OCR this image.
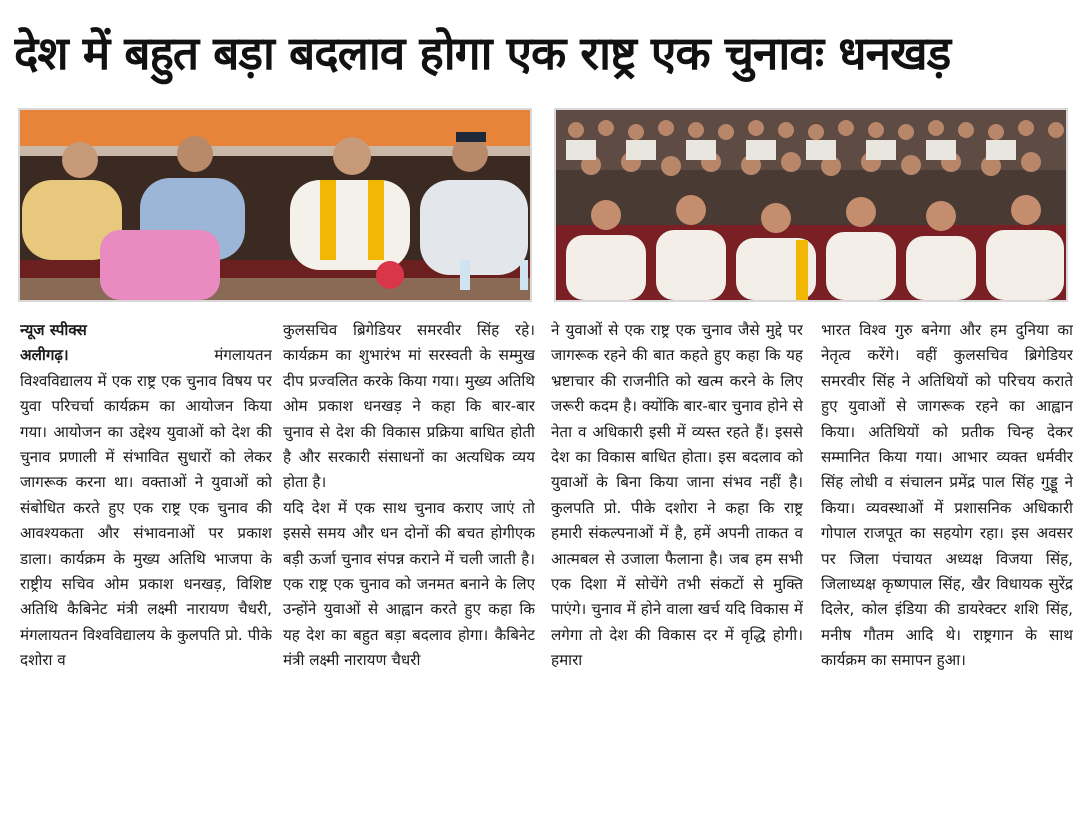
देश में बहुत बड़ा बदलाव होगा एक राष्ट्र एक चुनावः धनखड़
न्यूज स्पीक्स
अलीगढ़।	मंगलायतन

विश्वविद्यालय में एक राष्ट्र एक चुनाव विषय पर युवा परिचर्चा कार्यक्रम का आयोजन किया गया। आयोजन का उद्देश्य युवाओं को देश की चुनाव प्रणाली में संभावित सुधारों को लेकर जागरूक करना था। वक्ताओं ने युवाओं को संबोधित करते हुए एक राष्ट्र एक चुनाव की आवश्यकता और संभावनाओं पर प्रकाश डाला। कार्यक्रम के मुख्य अतिथि भाजपा के राष्ट्रीय सचिव ओम प्रकाश धनखड़, विशिष्ट अतिथि कैबिनेट मंत्री लक्ष्मी नारायण चैधरी, मंगलायतन विश्वविद्यालय के कुलपति प्रो. पीके दशोरा व

कुलसचिव ब्रिगेडियर समरवीर सिंह रहे। कार्यक्रम का शुभारंभ मां सरस्वती के सम्मुख दीप प्रज्वलित करके किया गया। मुख्य अतिथि ओम प्रकाश धनखड़ ने कहा कि बार-बार चुनाव से देश की विकास प्रक्रिया बाधित होती है और सरकारी संसाधनों का अत्यधिक व्यय होता है।

यदि देश में एक साथ चुनाव कराए जाएं तो इससे समय और धन दोनों की बचत होगीएक बड़ी ऊर्जा चुनाव संपन्न कराने में चली जाती है। एक राष्ट्र एक चुनाव को जनमत बनाने के लिए उन्होंने युवाओं से आह्वान करते हुए कहा कि यह देश का बहुत बड़ा बदलाव होगा। कैबिनेट मंत्री लक्ष्मी नारायण चैधरी

ने युवाओं से एक राष्ट्र एक चुनाव जैसे मुद्दे पर जागरूक रहने की बात कहते हुए कहा कि यह भ्रष्टाचार की राजनीति को खत्म करने के लिए जरूरी कदम है। क्योंकि बार-बार चुनाव होने से नेता व अधिकारी इसी में व्यस्त रहते हैं। इससे देश का विकास बाधित होता। इस बदलाव को युवाओं के बिना किया जाना संभव नहीं है। कुलपति प्रो. पीके दशोरा ने कहा कि राष्ट्र हमारी संकल्पनाओं में है, हमें अपनी ताकत व आत्मबल से उजाला फैलाना है। जब हम सभी एक दिशा में सोचेंगे तभी संकटों से मुक्ति पाएंगे। चुनाव में होने वाला खर्च यदि विकास में लगेगा तो देश की विकास दर में वृद्धि होगी। हमारा

भारत विश्व गुरु बनेगा और हम दुनिया का नेतृत्व करेंगे। वहीं कुलसचिव ब्रिगेडियर समरवीर सिंह ने अतिथियों को परिचय कराते हुए युवाओं से जागरूक रहने का आह्वान किया। अतिथियों को प्रतीक चिन्ह देकर सम्मानित किया गया। आभार व्यक्त धर्मवीर सिंह लोधी व संचालन प्रमेंद्र पाल सिंह गुड्डू ने किया। व्यवस्थाओं में प्रशासनिक अधिकारी गोपाल राजपूत का सहयोग रहा। इस अवसर पर जिला पंचायत अध्यक्ष विजया सिंह, जिलाध्यक्ष कृष्णपाल सिंह, खैर विधायक सुरेंद्र दिलेर, कोल इंडिया की डायरेक्टर शशि सिंह, मनीष गौतम आदि थे। राष्ट्रगान के साथ कार्यक्रम का समापन हुआ।
